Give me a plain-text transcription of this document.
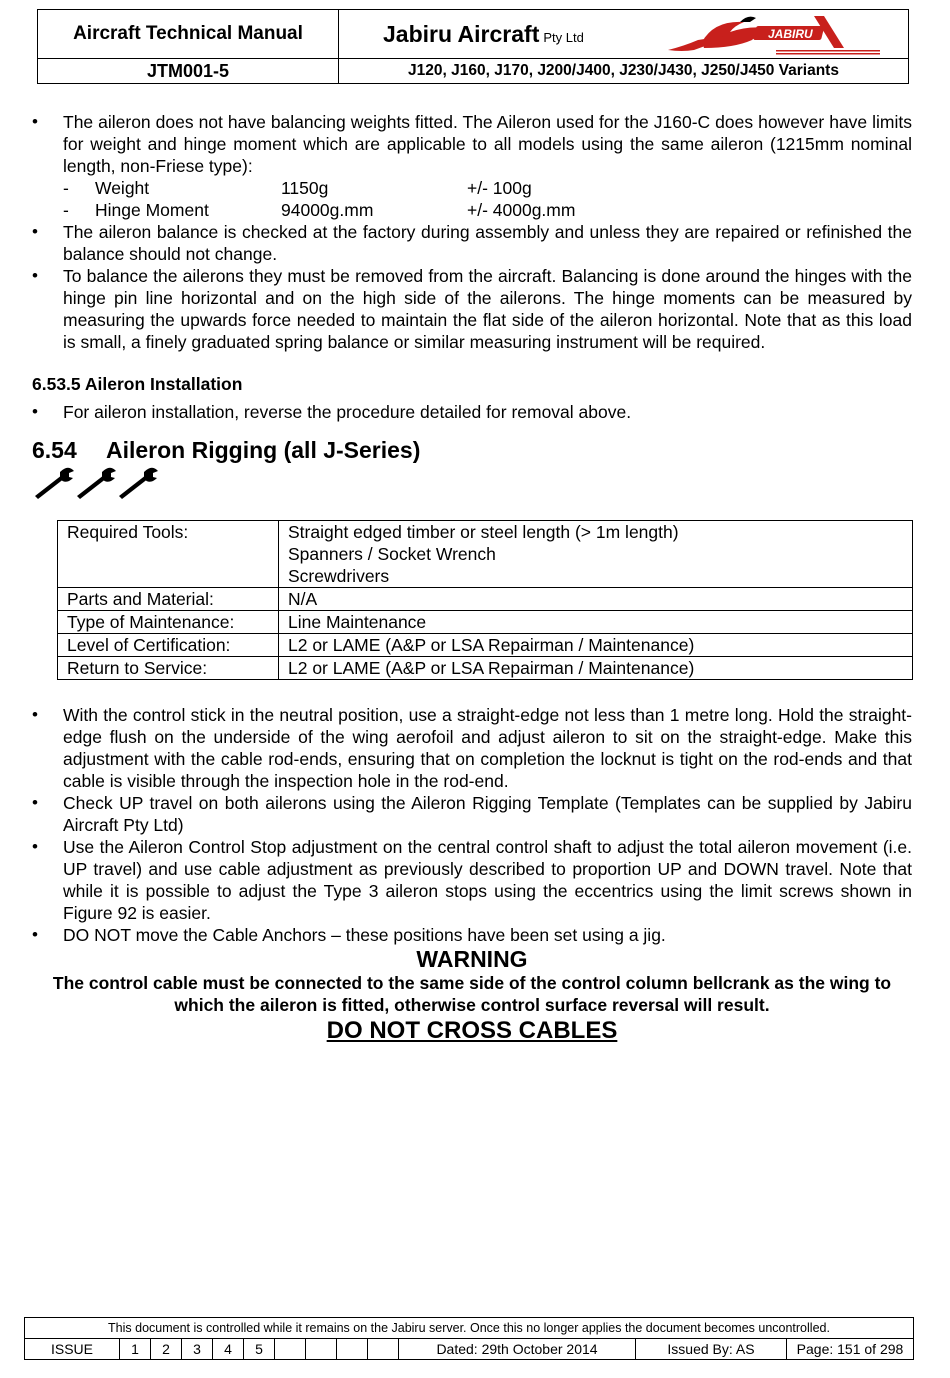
Aircraft Technical Manual	Jabiru Aircraft Pty Ltd JABIRU

JTM001-5	J120, J160, J170, J200/J400, J230/J430, J250/J450 Variants
• The aileron does not have balancing weights fitted. The Aileron used for the J160-C does however have limits for weight and hinge moment which are applicable to all models using the same aileron (1215mm nominal length, non-Friese type):
-	Weight	1150g	+/- 100g
-	Hinge Moment	94000g.mm	+/- 4000g.mm
• The aileron balance is checked at the factory during assembly and unless they are repaired or refinished the balance should not change.
• To balance the ailerons they must be removed from the aircraft. Balancing is done around the hinges with the hinge pin line horizontal and on the high side of the ailerons. The hinge moments can be measured by measuring the upwards force needed to maintain the flat side of the aileron horizontal. Note that as this load is small, a finely graduated spring balance or similar measuring instrument will be required.
6.53.5 Aileron Installation
• For aileron installation, reverse the procedure detailed for removal above.
6.54	Aileron Rigging (all J-Series)
Required Tools:	Straight edged timber or steel length (> 1m length)
Spanners / Socket Wrench
Screwdrivers

Parts and Material:	N/A
Type of Maintenance:	Line Maintenance
Level of Certification:	L2 or LAME (A&P or LSA Repairman / Maintenance)
Return to Service:	L2 or LAME (A&P or LSA Repairman / Maintenance)
• With the control stick in the neutral position, use a straight-edge not less than 1 metre long. Hold the straight-edge flush on the underside of the wing aerofoil and adjust aileron to sit on the straight-edge. Make this adjustment with the cable rod-ends, ensuring that on completion the locknut is tight on the rod-ends and that cable is visible through the inspection hole in the rod-end.
• Check UP travel on both ailerons using the Aileron Rigging Template (Templates can be supplied by Jabiru Aircraft Pty Ltd)
• Use the Aileron Control Stop adjustment on the central control shaft to adjust the total aileron movement (i.e. UP travel) and use cable adjustment as previously described to proportion UP and DOWN travel. Note that while it is possible to adjust the Type 3 aileron stops using the eccentrics using the limit screws shown in Figure 92 is easier.
• DO NOT move the Cable Anchors – these positions have been set using a jig.
WARNING
The control cable must be connected to the same side of the control column bellcrank as the wing to which the aileron is fitted, otherwise control surface reversal will result.
DO NOT CROSS CABLES
This document is controlled while it remains on the Jabiru server. Once this no longer applies the document becomes uncontrolled.
ISSUE	1	2	3	4	5					Dated: 29th October 2014	Issued By: AS	Page: 151 of 298
